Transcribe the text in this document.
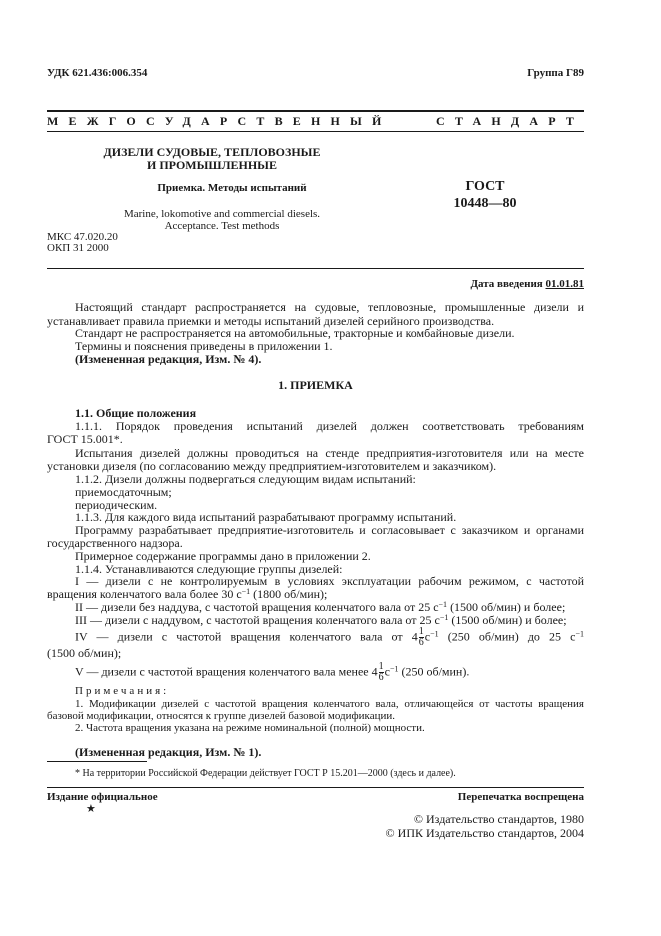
УДК 621.436:006.354	Группа Г89
МЕЖГОСУДАРСТВЕННЫЙ	СТАНДАРТ
ДИЗЕЛИ СУДОВЫЕ, ТЕПЛОВОЗНЫЕ
И ПРОМЫШЛЕННЫЕ
Приемка. Методы испытаний
Marine, lokomotive and commercial diesels.
Acceptance. Test methods
ГОСТ
10448—80
МКС 47.020.20
ОКП 31 2000
Дата введения 01.01.81
Настоящий стандарт распространяется на судовые, тепловозные, промышленные дизели и
устанавливает правила приемки и методы испытаний дизелей серийного производства.
Стандарт не распространяется на автомобильные, тракторные и комбайновые дизели.
Термины и пояснения приведены в приложении 1.
(Измененная редакция, Изм. № 4).
1. ПРИЕМКА
1.1. Общие положения
1.1.1. Порядок проведения испытаний дизелей должен соответствовать требованиям
ГОСТ 15.001*.
Испытания дизелей должны проводиться на стенде предприятия-изготовителя или на месте
установки дизеля (по согласованию между предприятием-изготовителем и заказчиком).
1.1.2. Дизели должны подвергаться следующим видам испытаний:
приемосдаточным;
периодическим.
1.1.3. Для каждого вида испытаний разрабатывают программу испытаний.
Программу разрабатывает предприятие-изготовитель и согласовывает с заказчиком и органами
государственного надзора.
Примерное содержание программы дано в приложении 2.
1.1.4. Устанавливаются следующие группы дизелей:
I — дизели с не контролируемым в условиях эксплуатации рабочим режимом, с частотой
вращения коленчатого вала более 30 $с^{-1}$ (1800 об/мин);
II — дизели без наддува, с частотой вращения коленчатого вала от 25 $с^{-1}$ (1500 об/мин) и более;
III — дизели с наддувом, с частотой вращения коленчатого вала от 25 $с^{-1}$ (1500 об/мин) и более;
IV — дизели с частотой вращения коленчатого вала от $4 \frac{1}{6} с^{-1}$ (250 об/мин) до 25 $с^{-1}$
(1500 об/мин);
V — дизели с частотой вращения коленчатого вала менее $4 \frac{1}{6} с^{-1}$ (250 об/мин).
Примечания:
1. Модификации дизелей с частотой вращения коленчатого вала, отличающейся от частоты вращения
базовой модификации, относятся к группе дизелей базовой модификации.
2. Частота вращения указана на режиме номинальной (полной) мощности.
(Измененная редакция, Изм. № 1).
* На территории Российской Федерации действует ГОСТ Р 15.201—2000 (здесь и далее).
Издание официальное
★
Перепечатка воспрещена
© Издательство стандартов, 1980
© ИПК Издательство стандартов, 2004
